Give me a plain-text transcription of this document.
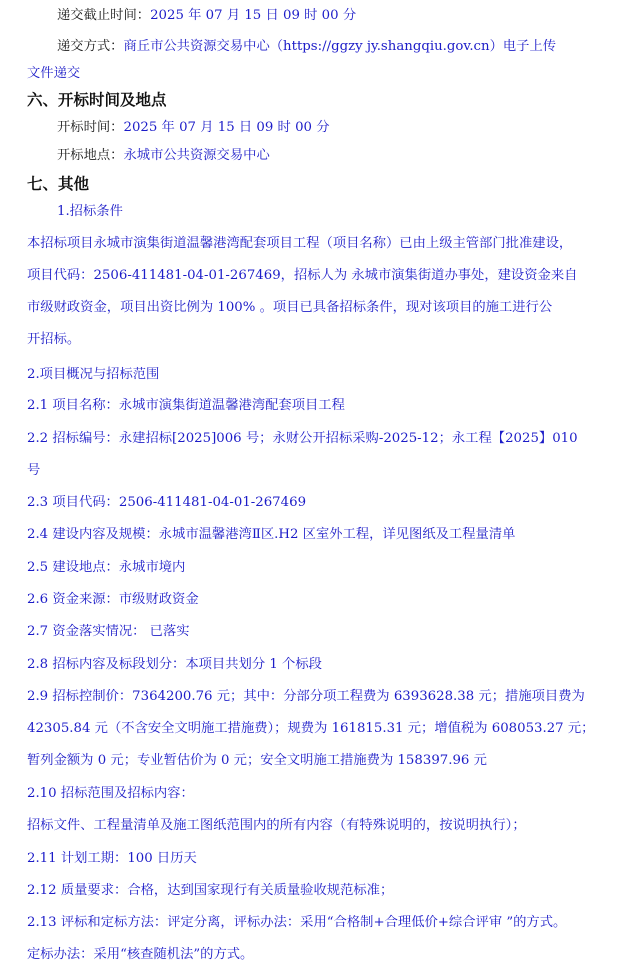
递交截止时间：2025 年 07 月 15 日 09 时 00 分
递交方式：商丘市公共资源交易中心（https://ggzy jy.shangqiu.gov.cn）电子上传
文件递交
六、开标时间及地点
开标时间：2025 年 07 月 15 日 09 时 00 分
开标地点：永城市公共资源交易中心
七、其他
1.招标条件
本招标项目永城市演集街道温馨港湾配套项目工程（项目名称）已由上级主管部门批准建设，
项目代码：2506-411481-04-01-267469，招标人为 永城市演集街道办事处，建设资金来自
市级财政资金，项目出资比例为 100% 。项目已具备招标条件，现对该项目的施工进行公
开招标。
2.项目概况与招标范围
2.1 项目名称：永城市演集街道温馨港湾配套项目工程
2.2 招标编号：永建招标[2025]006 号；永财公开招标采购-2025-12；永工程【2025】010
号
2.3 项目代码：2506-411481-04-01-267469
2.4 建设内容及规模：永城市温馨港湾Ⅱ区.H2 区室外工程，详见图纸及工程量清单
2.5 建设地点：永城市境内
2.6 资金来源：市级财政资金
2.7 资金落实情况： 已落实
2.8 招标内容及标段划分：本项目共划分 1 个标段
2.9 招标控制价：7364200.76 元；其中：分部分项工程费为 6393628.38 元；措施项目费为
42305.84 元（不含安全文明施工措施费）；规费为 161815.31 元；增值税为 608053.27 元；
暂列金额为 0 元；专业暂估价为 0 元；安全文明施工措施费为 158397.96 元
2.10 招标范围及招标内容：
招标文件、工程量清单及施工图纸范围内的所有内容（有特殊说明的，按说明执行）；
2.11 计划工期：100 日历天
2.12 质量要求：合格，达到国家现行有关质量验收规范标准；
2.13 评标和定标方法：评定分离，评标办法：采用“合格制+合理低价+综合评审 ”的方式。
定标办法：采用“核查随机法”的方式。
